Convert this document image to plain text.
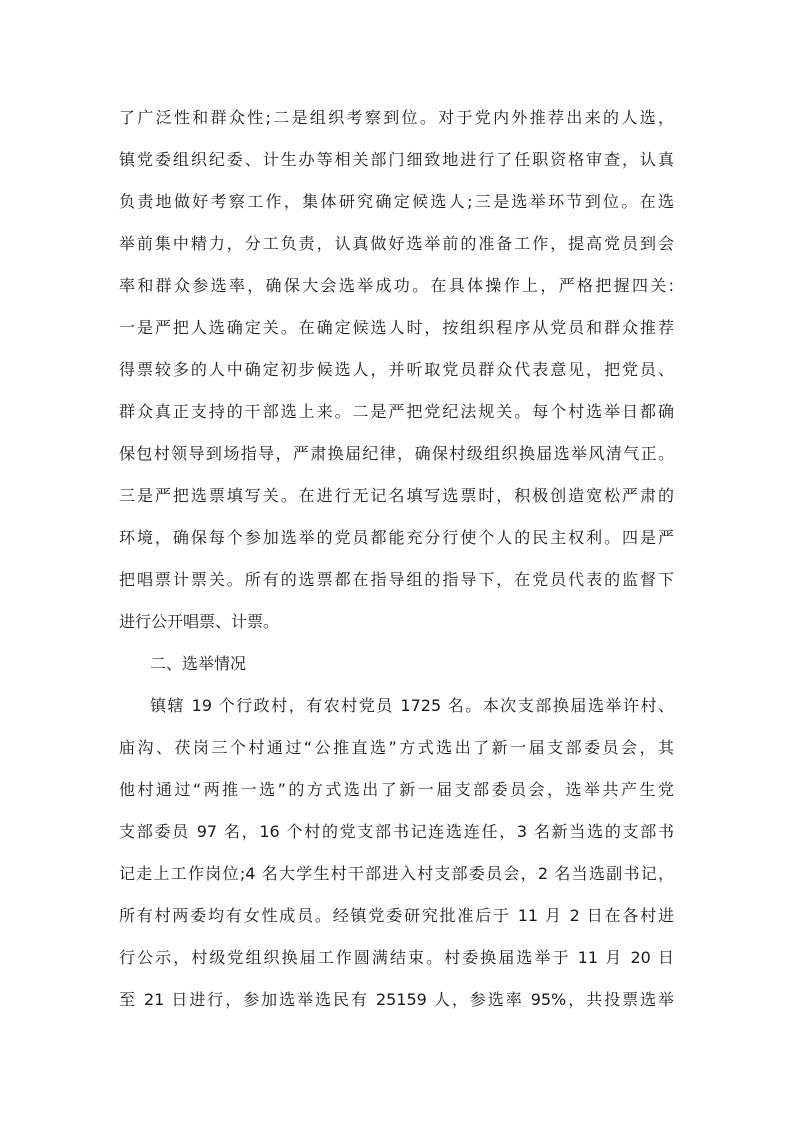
了广泛性和群众性;二是组织考察到位。对于党内外推荐出来的人选，
镇党委组织纪委、计生办等相关部门细致地进行了任职资格审查，认真
负责地做好考察工作，集体研究确定候选人;三是选举环节到位。在选
举前集中精力，分工负责，认真做好选举前的准备工作，提高党员到会
率和群众参选率，确保大会选举成功。在具体操作上，严格把握四关:
一是严把人选确定关。在确定候选人时，按组织程序从党员和群众推荐
得票较多的人中确定初步候选人，并听取党员群众代表意见，把党员、
群众真正支持的干部选上来。二是严把党纪法规关。每个村选举日都确
保包村领导到场指导，严肃换届纪律，确保村级组织换届选举风清气正。
三是严把选票填写关。在进行无记名填写选票时，积极创造宽松严肃的
环境，确保每个参加选举的党员都能充分行使个人的民主权利。四是严
把唱票计票关。所有的选票都在指导组的指导下，在党员代表的监督下
进行公开唱票、计票。
二、选举情况
镇辖 19 个行政村，有农村党员 1725 名。本次支部换届选举许村、
庙沟、茯岗三个村通过“公推直选”方式选出了新一届支部委员会，其
他村通过“两推一选”的方式选出了新一届支部委员会，选举共产生党
支部委员 97 名，16 个村的党支部书记连选连任，3 名新当选的支部书
记走上工作岗位;4 名大学生村干部进入村支部委员会，2 名当选副书记，
所有村两委均有女性成员。经镇党委研究批准后于 11 月 2 日在各村进
行公示，村级党组织换届工作圆满结束。村委换届选举于 11 月 20 日
至 21 日进行，参加选举选民有 25159 人，参选率 95%，共投票选举
